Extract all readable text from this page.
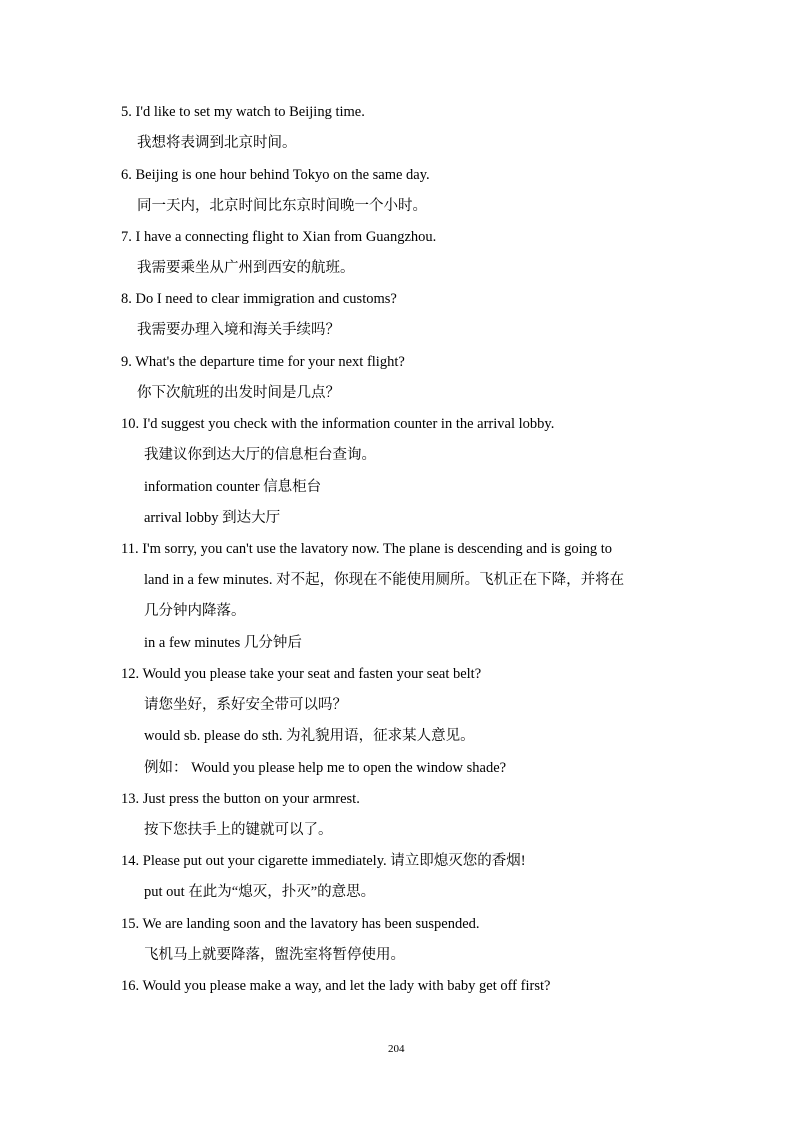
5. I'd like to set my watch to Beijing time.
我想将表调到北京时间。
6. Beijing is one hour behind Tokyo on the same day.
同一天内，北京时间比东京时间晚一个小时。
7. I have a connecting flight to Xian from Guangzhou.
我需要乘坐从广州到西安的航班。
8. Do I need to clear immigration and customs?
我需要办理入境和海关手续吗？
9. What's the departure time for your next flight?
你下次航班的出发时间是几点？
10. I'd suggest you check with the information counter in the arrival lobby.
我建议你到达大厅的信息柜台查询。
information counter 信息柜台
arrival lobby 到达大厅
11. I'm sorry, you can't use the lavatory now. The plane is descending and is going to
land in a few minutes. 对不起，你现在不能使用厕所。飞机正在下降，并将在
几分钟内降落。
in a few minutes 几分钟后
12. Would you please take your seat and fasten your seat belt?
请您坐好，系好安全带可以吗？
would sb. please do sth. 为礼貌用语，征求某人意见。
例如： Would you please help me to open the window shade?
13. Just press the button on your armrest.
按下您扶手上的键就可以了。
14. Please put out your cigarette immediately. 请立即熄灭您的香烟!
put out 在此为“熄灭，扑灭”的意思。
15. We are landing soon and the lavatory has been suspended.
飞机马上就要降落，盥洗室将暂停使用。
16. Would you please make a way, and let the lady with baby get off first?
204
